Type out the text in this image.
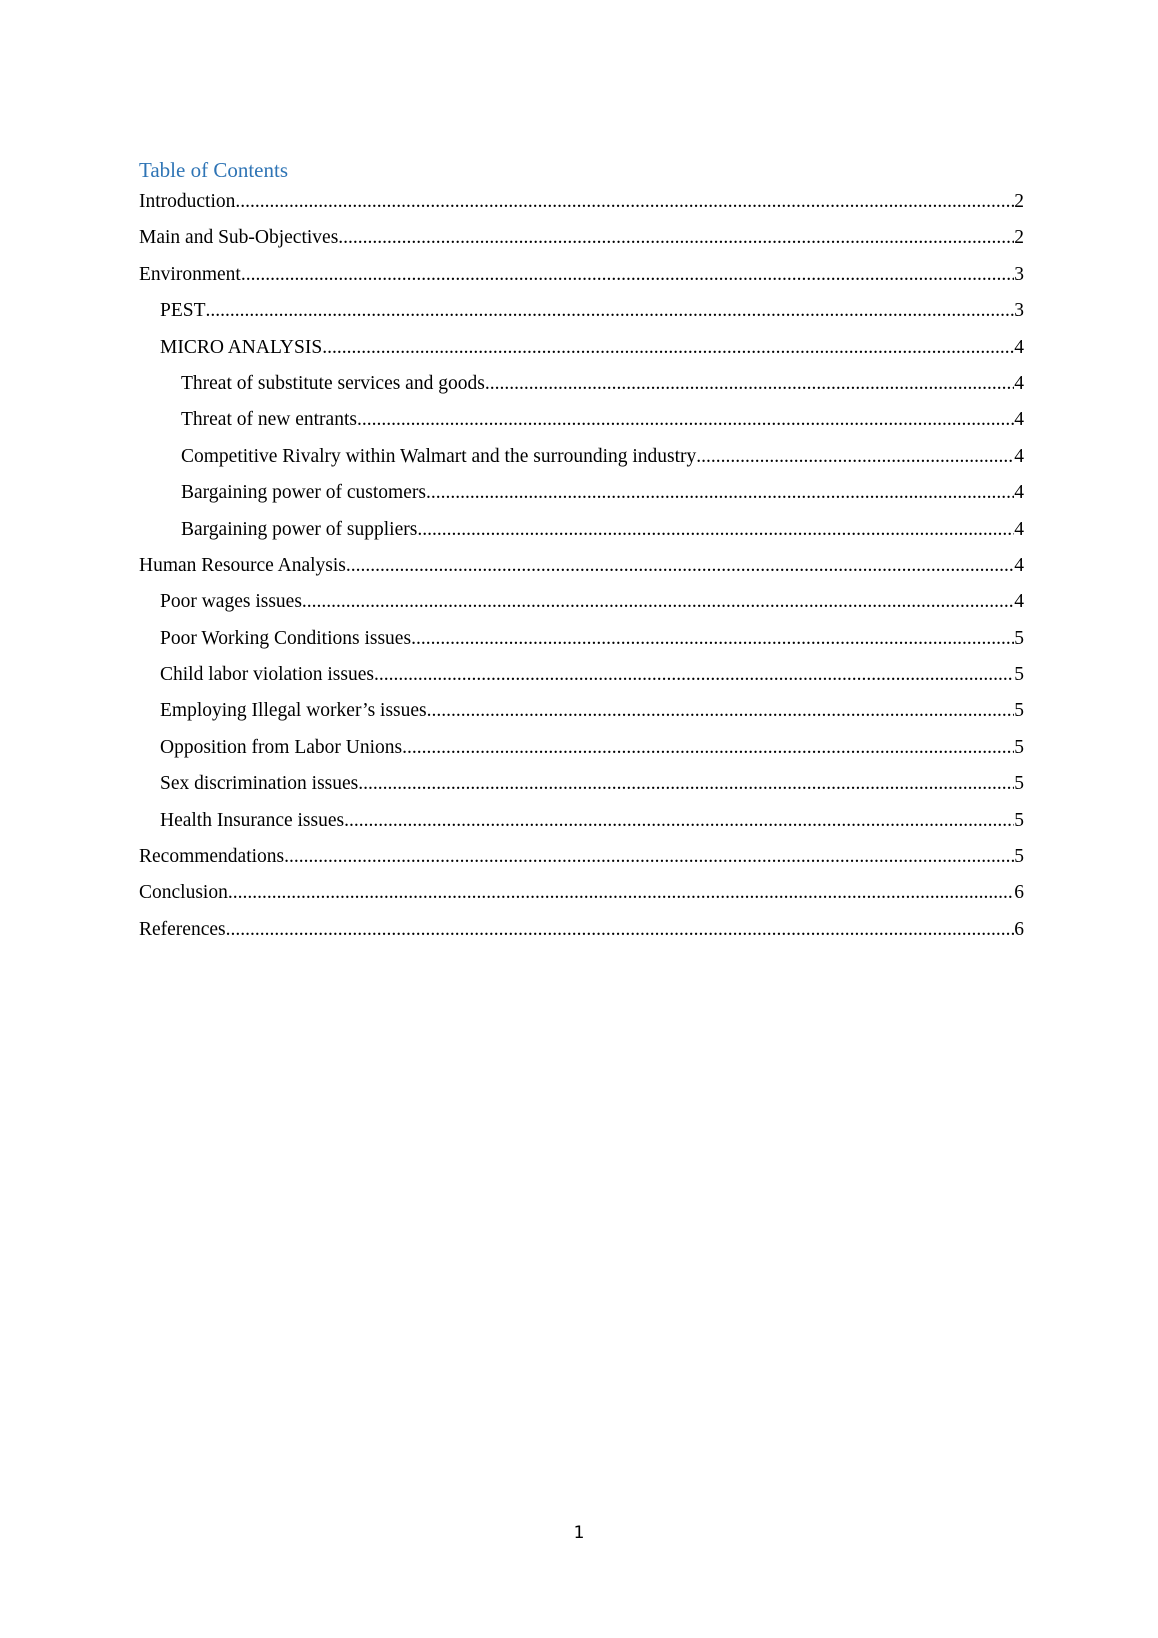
Table of Contents
Introduction .....	2
Main and Sub-Objectives .....	2
Environment .....	3
PEST .....	3
MICRO ANALYSIS .....	4
Threat of substitute services and goods .....	4
Threat of new entrants .....	4
Competitive Rivalry within Walmart and the surrounding industry .....	4
Bargaining power of customers .....	4
Bargaining power of suppliers .....	4
Human Resource Analysis .....	4
Poor wages issues .....	4
Poor Working Conditions issues .....	5
Child labor violation issues .....	5
Employing Illegal worker’s issues .....	5
Opposition from Labor Unions .....	5
Sex discrimination issues .....	5
Health Insurance issues .....	5
Recommendations .....	5
Conclusion .....	6
References .....	6
1
